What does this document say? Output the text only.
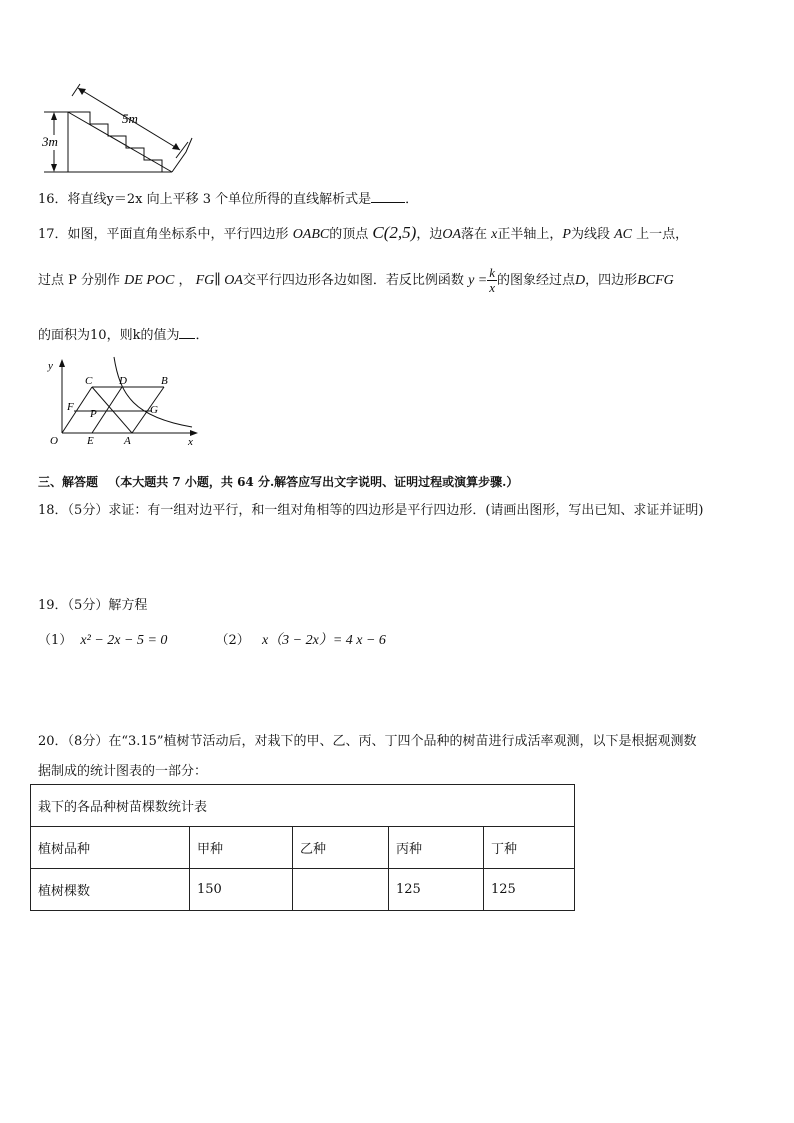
3m
5m
16．将直线y＝2x 向上平移 3 个单位所得的直线解析式是	．
17．如图，平面直角坐标系中，平行四边形 OABC的顶点 C(2,5)，边OA落在 x正半轴上，P为线段 AC 上一点，
过点 P 分别作 DE POC ， FG∥ OA交平行四边形各边如图．若反比例函数 $y = \frac{k}{x}$ 的图象经过点D，四边形BCFG
的面积为10，则k的值为 ．
y
x
O	E	A
C D	B
F
P	G
三、解答题 （本大题共 7 小题，共 64 分.解答应写出文字说明、证明过程或演算步骤.）
18．（5分）求证：有一组对边平行，和一组对角相等的四边形是平行四边形．(请画出图形，写出已知、求证并证明)
19．（5分）解方程
（1） x² − 2x − 5 = 0	（2） x（3 − 2x）= 4 x − 6
20．（8分）在“3.15”植树节活动后，对栽下的甲、乙、丙、丁四个品种的树苗进行成活率观测，以下是根据观测数
据制成的统计图表的一部分：
栽下的各品种树苗棵数统计表				
植树品种	甲种	乙种	丙种	丁种
植树棵数	150		125	125
